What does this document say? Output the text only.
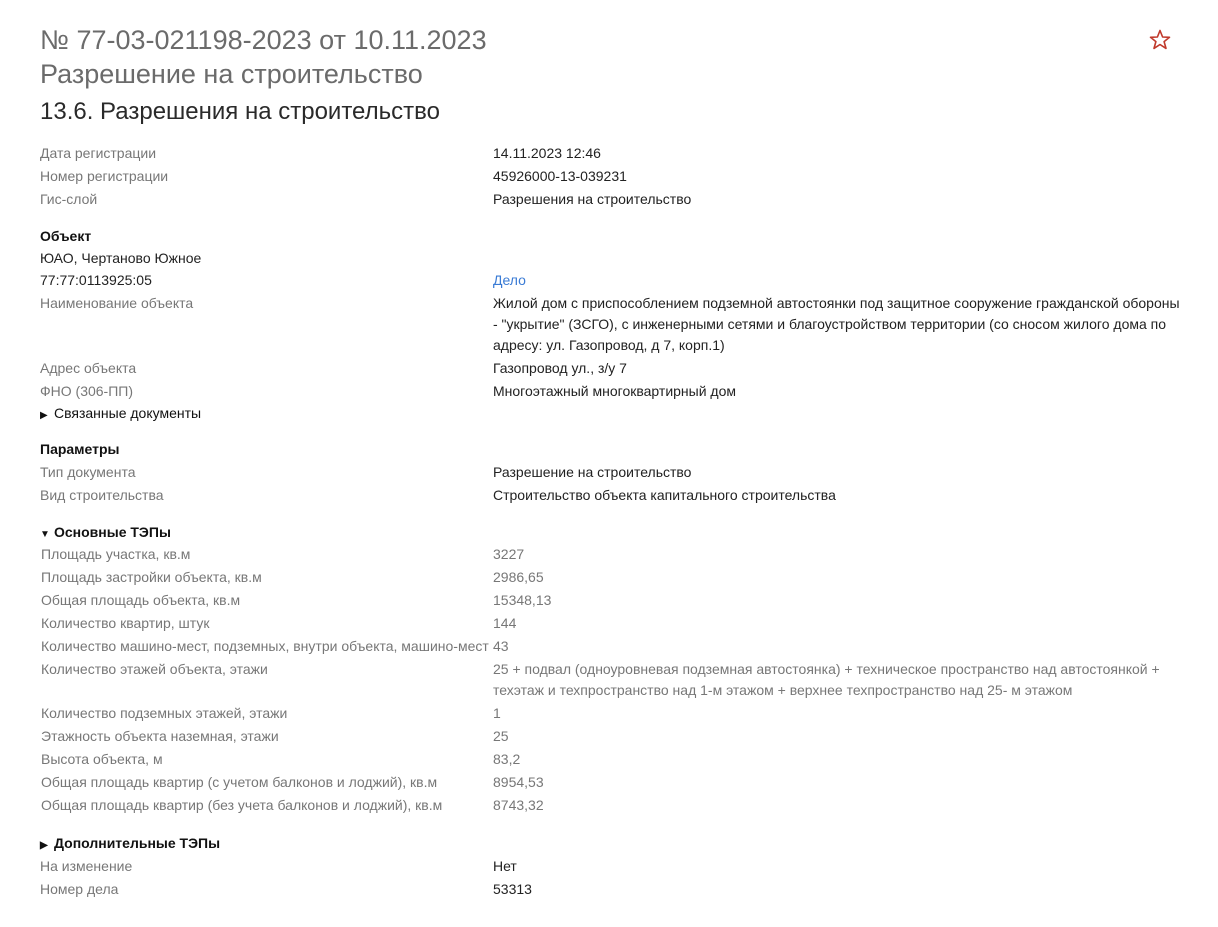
№ 77-03-021198-2023 от 10.11.2023
Разрешение на строительство
13.6. Разрешения на строительство
Дата регистрации	14.11.2023 12:46
Номер регистрации	45926000-13-039231
Гис-слой	Разрешения на строительство
Объект
ЮАО, Чертаново Южное
77:77:0113925:05	Дело
Наименование объекта	Жилой дом с приспособлением подземной автостоянки под защитное сооружение гражданской обороны - "укрытие" (ЗСГО), с инженерными сетями и благоустройством территории (со сносом жилого дома по адресу: ул. Газопровод, д 7, корп.1)
Адрес объекта	Газопровод ул., з/у 7
ФНО (306-ПП)	Многоэтажный многоквартирный дом
▶ Связанные документы
Параметры
Тип документа	Разрешение на строительство
Вид строительства	Строительство объекта капитального строительства
▼ Основные ТЭПы
Площадь участка, кв.м	3227
Площадь застройки объекта, кв.м	2986,65
Общая площадь объекта, кв.м	15348,13
Количество квартир, штук	144
Количество машино-мест, подземных, внутри объекта, машино-мест 43
Количество этажей объекта, этажи	25 + подвал (одноуровневая подземная автостоянка) + техническое пространство над автостоянкой + техэтаж и техпространство над 1-м этажом + верхнее техпространство над 25- м этажом
Количество подземных этажей, этажи	1
Этажность объекта наземная, этажи	25
Высота объекта, м	83,2
Общая площадь квартир (с учетом балконов и лоджий), кв.м	8954,53
Общая площадь квартир (без учета балконов и лоджий), кв.м	8743,32
▶ Дополнительные ТЭПы
На изменение	Нет
Номер дела	53313
